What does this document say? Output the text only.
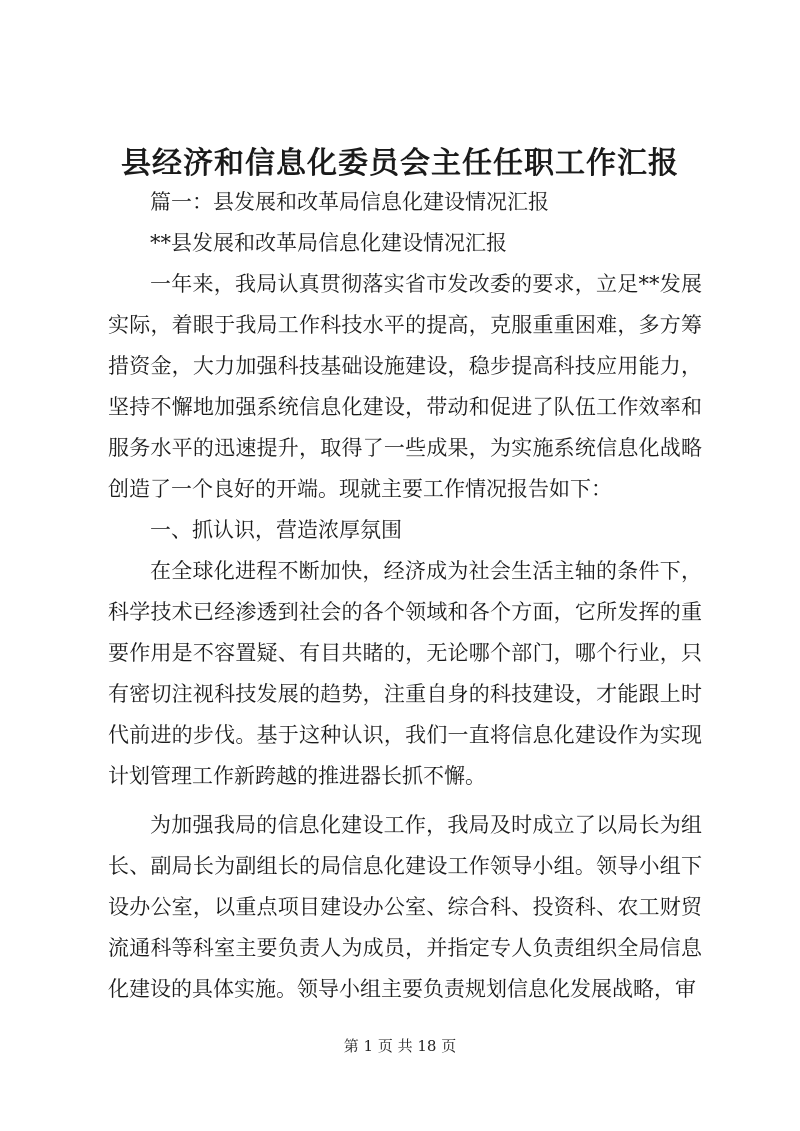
县经济和信息化委员会主任任职工作汇报

篇一：县发展和改革局信息化建设情况汇报

**县发展和改革局信息化建设情况汇报

一年来，我局认真贯彻落实省市发改委的要求，立足**发展实际，着眼于我局工作科技水平的提高，克服重重困难，多方筹措资金，大力加强科技基础设施建设，稳步提高科技应用能力，坚持不懈地加强系统信息化建设，带动和促进了队伍工作效率和服务水平的迅速提升，取得了一些成果，为实施系统信息化战略创造了一个良好的开端。现就主要工作情况报告如下：

一、抓认识，营造浓厚氛围

在全球化进程不断加快，经济成为社会生活主轴的条件下，科学技术已经渗透到社会的各个领域和各个方面，它所发挥的重要作用是不容置疑、有目共睹的，无论哪个部门，哪个行业，只有密切注视科技发展的趋势，注重自身的科技建设，才能跟上时代前进的步伐。基于这种认识，我们一直将信息化建设作为实现计划管理工作新跨越的推进器长抓不懈。

为加强我局的信息化建设工作，我局及时成立了以局长为组长、副局长为副组长的局信息化建设工作领导小组。领导小组下设办公室，以重点项目建设办公室、综合科、投资科、农工财贸流通科等科室主要负责人为成员，并指定专人负责组织全局信息化建设的具体实施。领导小组主要负责规划信息化发展战略，审

第 1 页 共 18 页
